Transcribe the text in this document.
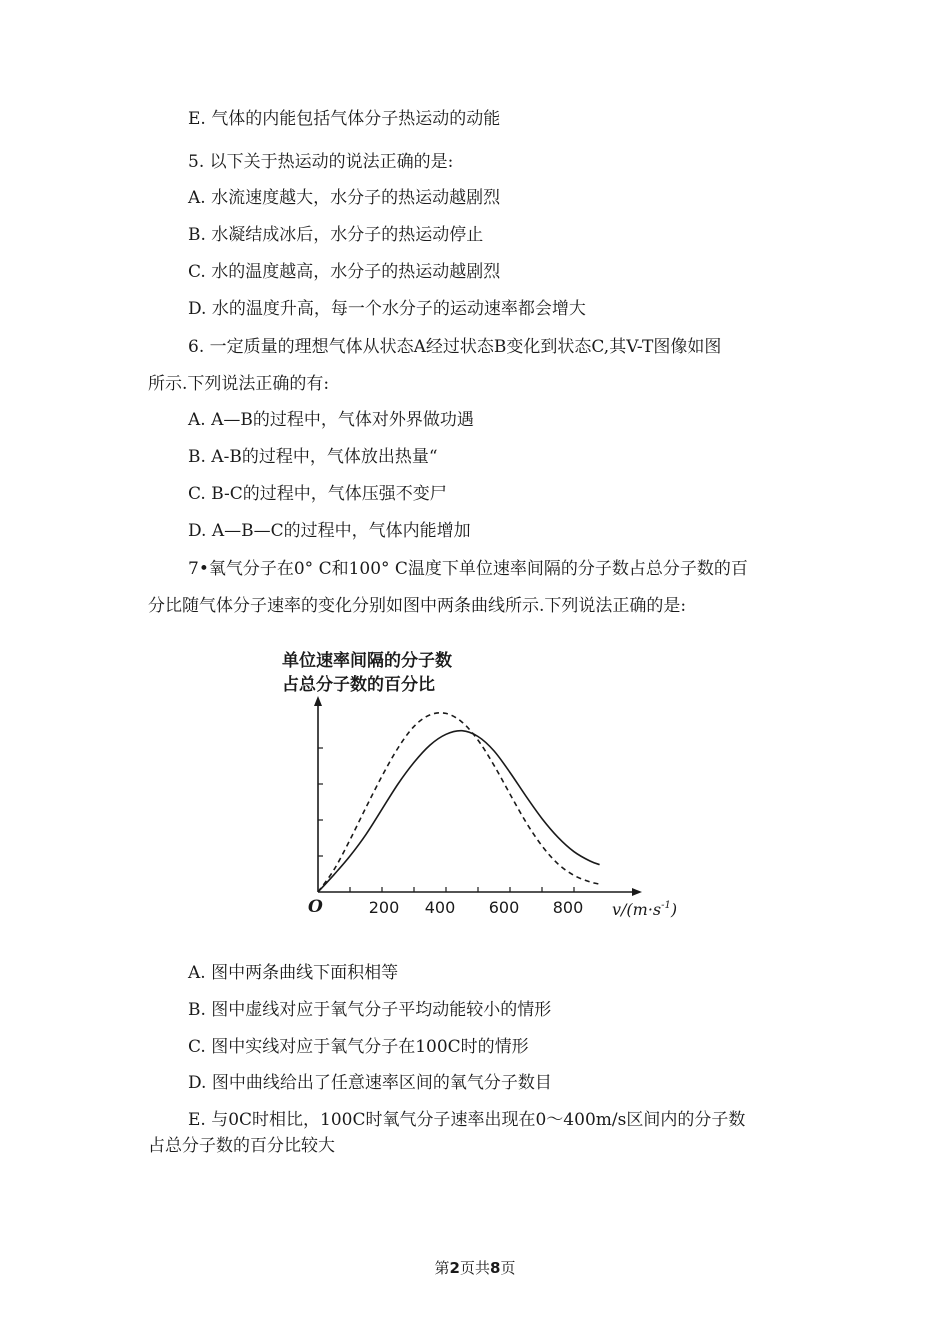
E. 气体的内能包括气体分子热运动的动能
5. 以下关于热运动的说法正确的是:
A. 水流速度越大，水分子的热运动越剧烈
B. 水凝结成冰后，水分子的热运动停止
C. 水的温度越高，水分子的热运动越剧烈
D. 水的温度升高，每一个水分子的运动速率都会增大
6. 一定质量的理想气体从状态A经过状态B变化到状态C,其V-T图像如图
所示.下列说法正确的有:
A. A—B的过程中，气体对外界做功遇
B. A-B的过程中，气体放出热量“
C. B-C的过程中，气体压强不变尸
D. A—B—C的过程中，气体内能增加
7•氧气分子在0° C和100° C温度下单位速率间隔的分子数占总分子数的百
分比随气体分子速率的变化分别如图中两条曲线所示.下列说法正确的是:
A. 图中两条曲线下面积相等
B. 图中虚线对应于氧气分子平均动能较小的情形
C. 图中实线对应于氧气分子在100C时的情形
D. 图中曲线给出了任意速率区间的氧气分子数目
E. 与0C时相比，100C时氧气分子速率出现在0〜400m/s区间内的分子数
占总分子数的百分比较大
单位速率间隔的分子数
占总分子数的百分比
O	200 400 600 800 $v/(m\cdot s^{-1})$
第2页共8页
